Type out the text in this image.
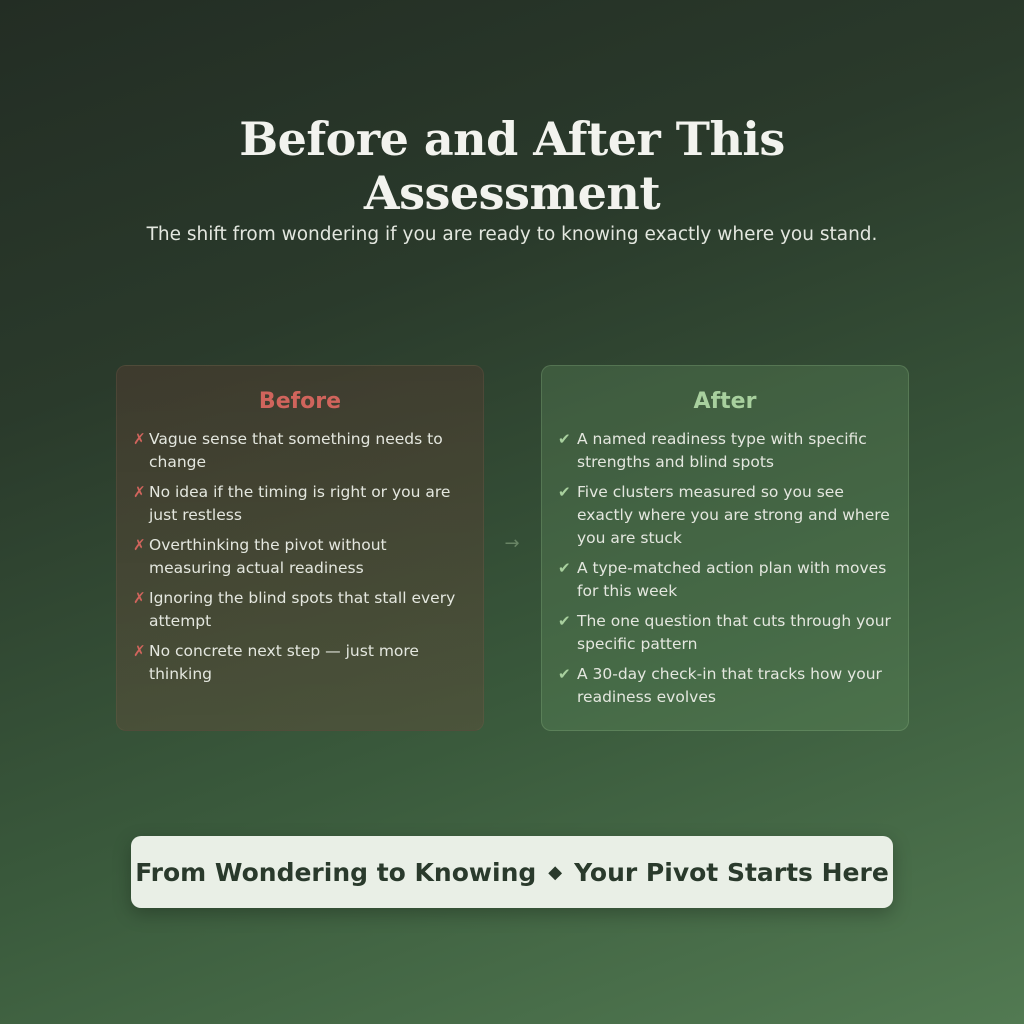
Before and After This
Assessment
The shift from wondering if you are ready to knowing exactly where you stand.
Before
✗ Vague sense that something needs to change
✗ No idea if the timing is right or you are just restless
✗ Overthinking the pivot without measuring actual readiness
✗ Ignoring the blind spots that stall every attempt
✗ No concrete next step — just more thinking
→
After
✔ A named readiness type with specific strengths and blind spots
✔ Five clusters measured so you see exactly where you are strong and where you are stuck
✔ A type-matched action plan with moves for this week
✔ The one question that cuts through your specific pattern
✔ A 30-day check-in that tracks how your readiness evolves
From Wondering to Knowing ◆ Your Pivot Starts Here
